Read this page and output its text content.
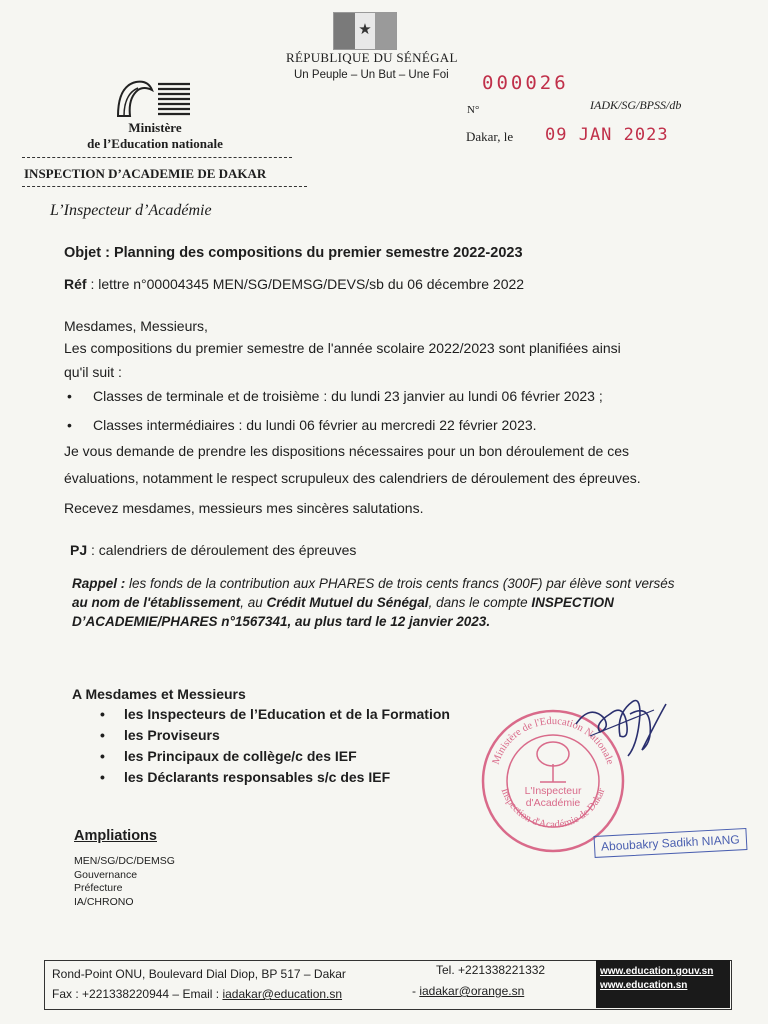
★
RÉPUBLIQUE DU SÉNÉGAL
Un Peuple – Un But – Une Foi 000026
N°	IADK/SG/BPSS/db
Dakar, le 09 JAN 2023
Ministère
de l’Education nationale
INSPECTION D’ACADEMIE DE DAKAR
L’Inspecteur d’Académie
Objet : Planning des compositions du premier semestre 2022-2023
Réf : lettre n°00004345 MEN/SG/DEMSG/DEVS/sb du 06 décembre 2022
Mesdames, Messieurs,
Les compositions du premier semestre de l'année scolaire 2022/2023 sont planifiées ainsi
qu'il suit :
• Classes de terminale et de troisième : du lundi 23 janvier au lundi 06 février 2023 ;
• Classes intermédiaires : du lundi 06 février au mercredi 22 février 2023.
Je vous demande de prendre les dispositions nécessaires pour un bon déroulement de ces
évaluations, notamment le respect scrupuleux des calendriers de déroulement des épreuves.
Recevez mesdames, messieurs mes sincères salutations.
PJ : calendriers de déroulement des épreuves
Rappel : les fonds de la contribution aux PHARES de trois cents francs (300F) par élève sont versés au nom de l'établissement, au Crédit Mutuel du Sénégal, dans le compte INSPECTION D’ACADEMIE/PHARES n°1567341, au plus tard le 12 janvier 2023.
A Mesdames et Messieurs
•	les Inspecteurs de l’Education et de la Formation
•	les Proviseurs
•	les Principaux de collège/c des IEF
•	les Déclarants responsables s/c des IEF
Ministère de l'Education Nationale
Inspection d'Académie de Dakar
L'Inspecteur
d'Académie
Aboubakry Sadikh NIANG
Ampliations
MEN/SG/DC/DEMSG
Gouvernance
Préfecture
IA/CHRONO
Rond-Point ONU, Boulevard Dial Diop, BP 517 – Dakar	Tel. +221338221332
Fax : +221338220944 – Email : iadakar@education.sn	- iadakar@orange.sn
www.education.gouv.sn
www.education.sn
